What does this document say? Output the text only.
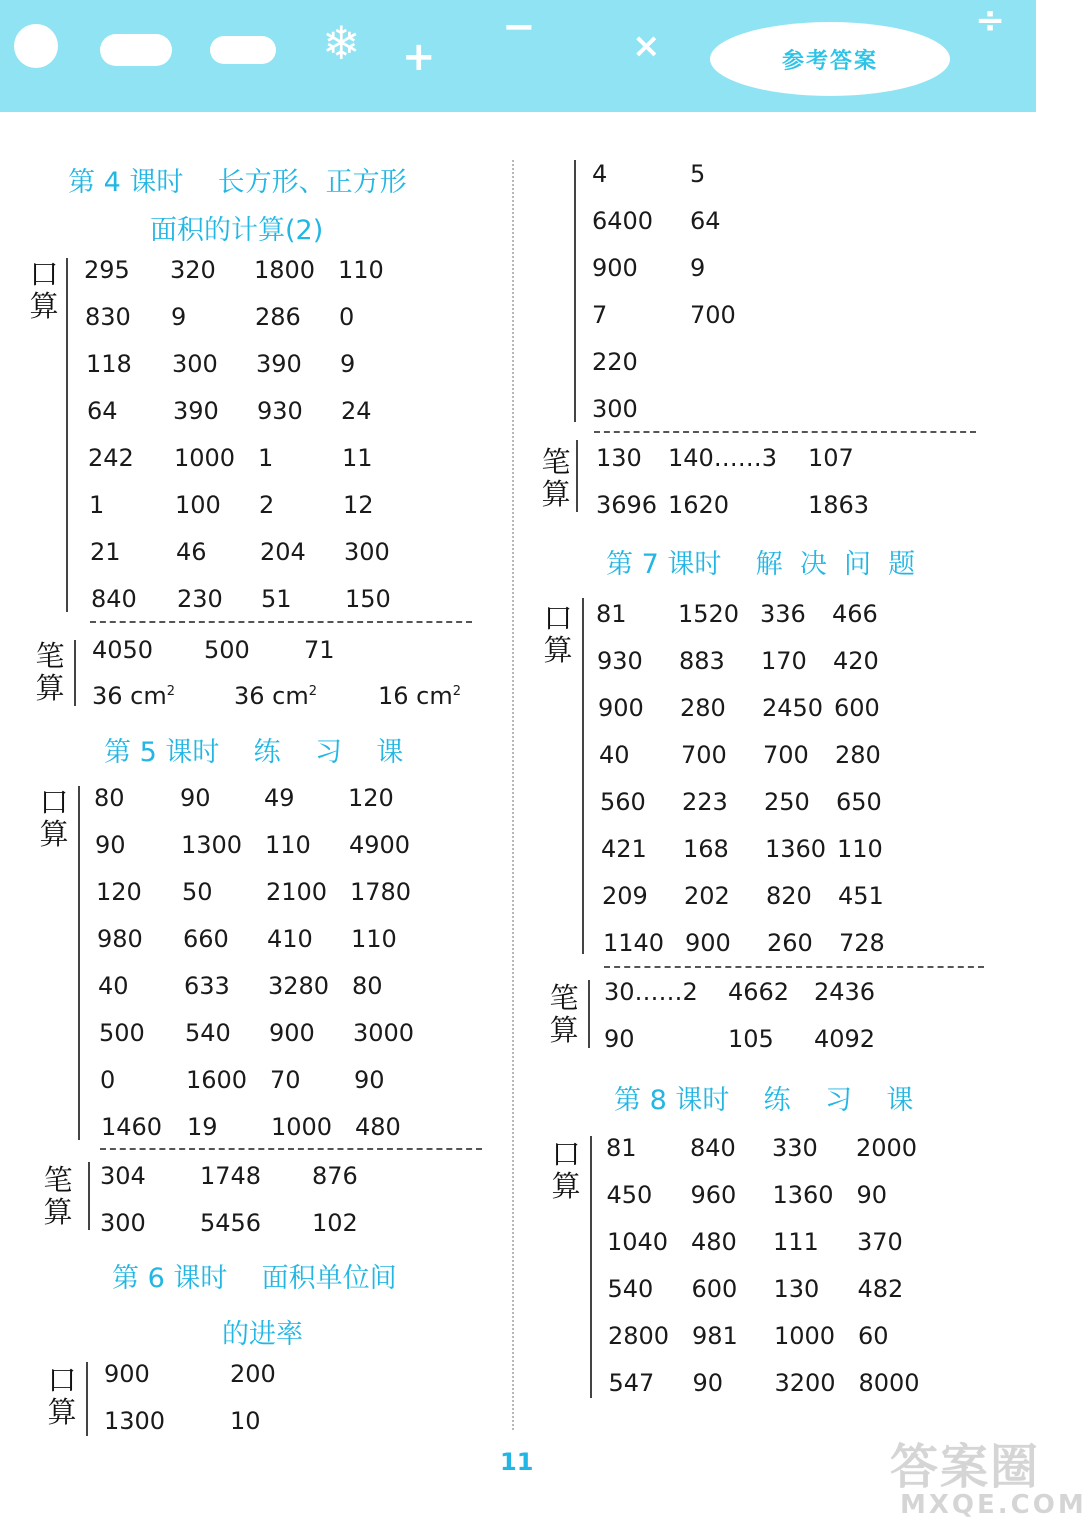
❄ +
−	×
÷
参考答案
第 4 课时    长方形、正方形
面积的计算(2)
口
算
295 320 1800 110
830 9	286 0
118 300 390 9
64 390 930 24
242 1000 1	11
1	100 2	12
21 46 204 300
840 230 51 150
笔
算
4050 500 71
36 $cm^2$ 36 $cm^2$	16 $cm^2$
第 5 课时    练    习    课
口
算
80 90 49 120
90 1300 110 4900
120 50 2100 1780
980 660 410 110
40 633 3280 80
500 540 900 3000
0	1600 70 90
1460 19 1000 480
笔
算
304 1748 876
300 5456 102
第 6 课时    面积单位间
的进率
口
算
900	200
1300	10
4	5
6400 64
900 9
7	700
220
300
笔
算
130 140……3 107
3696 1620	1863
第 7 课时    解  决  问  题
口
算
81 1520 336 466
930 883 170 420
900 280 2450 600
40 700 700 280
560 223 250 650
421 168 1360 110
209 202 820 451
1140 900 260 728
笔
算
30……2 4662 2436
90	105 4092
第 8 课时    练    习    课
口
算
81 840 330 2000
450 960 1360 90
1040 480 111 370
540 600 130 482
2800 981 1000 60
547 90 3200 8000
11	答案圈
MXQE.COM
